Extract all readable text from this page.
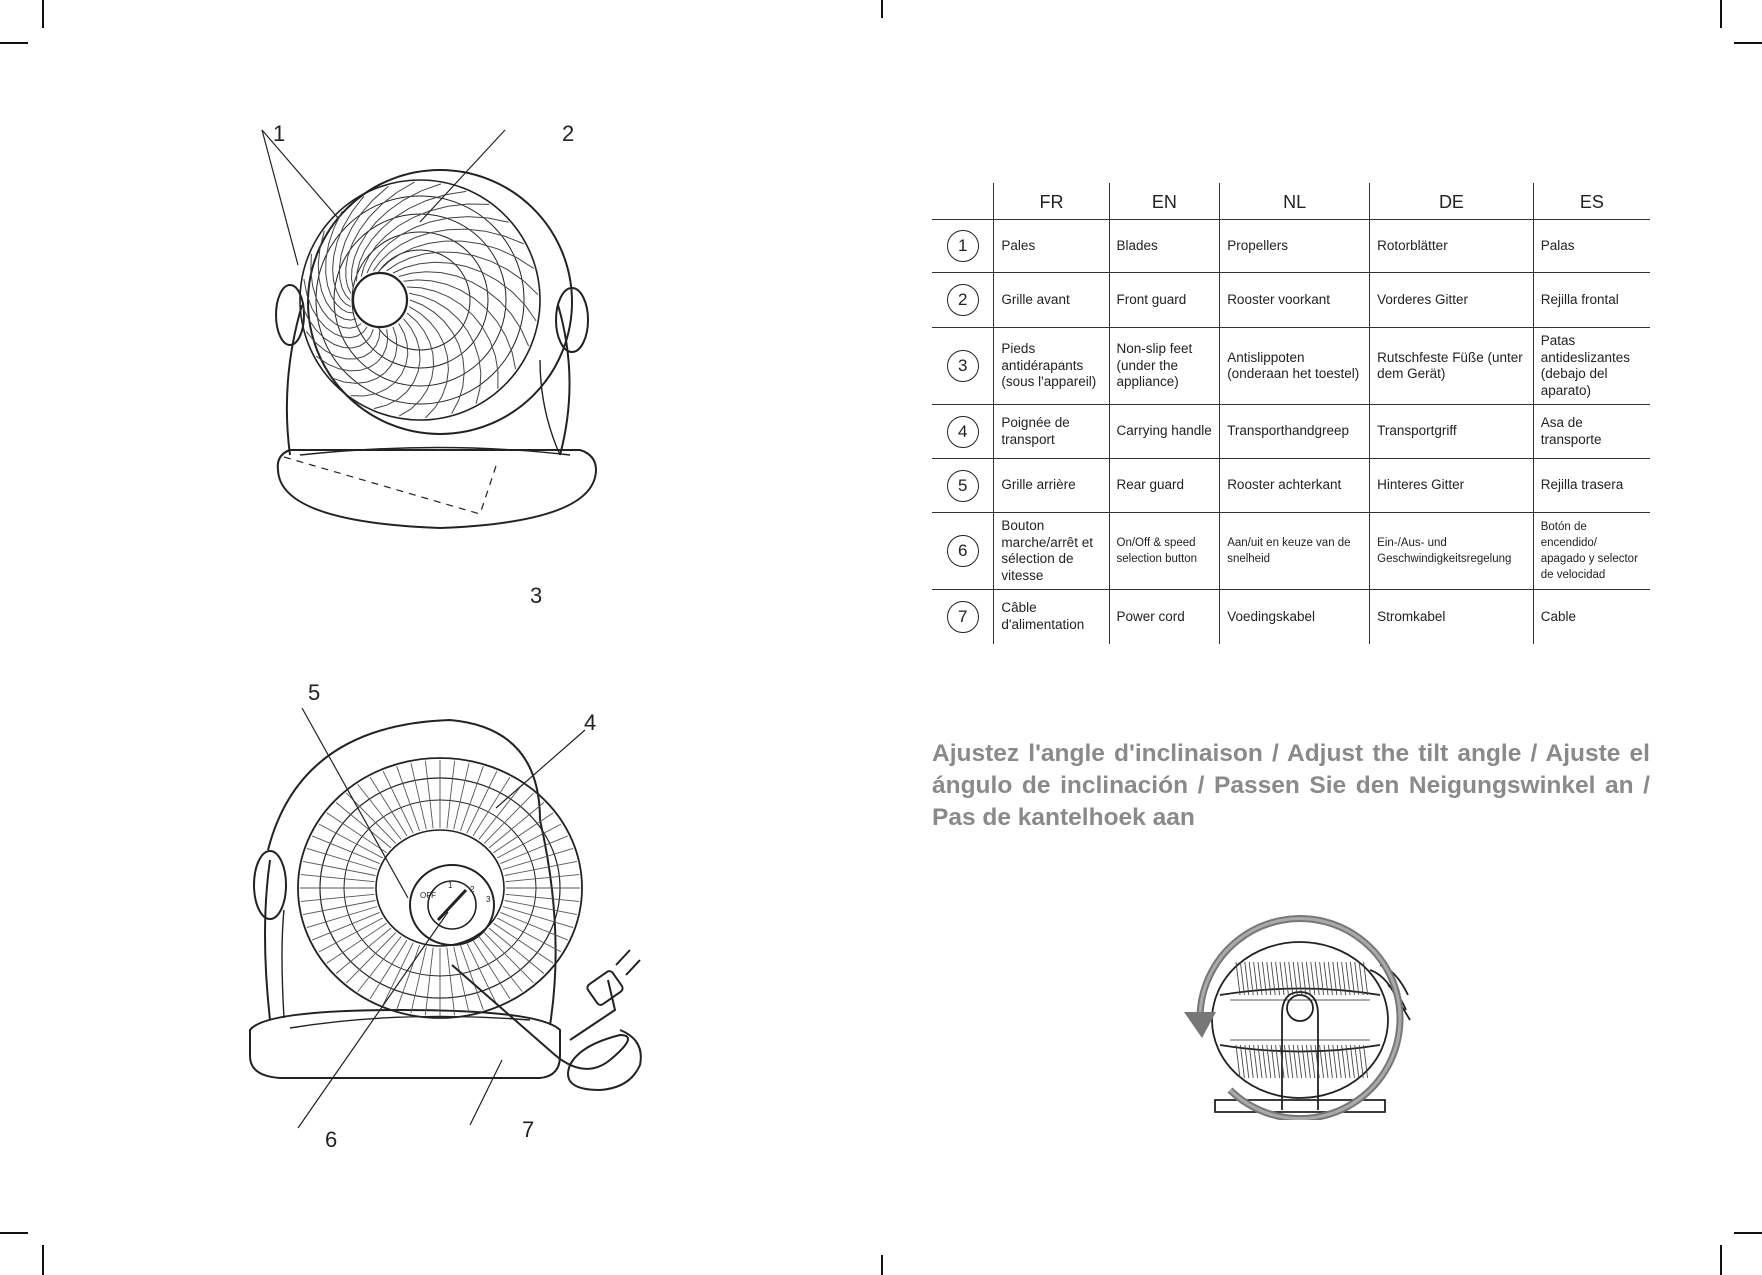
1	2
3
OFF
1 2
3
5
4
6	7
	FR	EN	NL	DE	ES
1	Pales	Blades	Propellers	Rotorblätter	Palas
2	Grille avant	Front guard	Rooster voorkant	Vorderes Gitter	Rejilla frontal
3	Pieds antidérapants (sous l'appareil)	Non-slip feet (under the appliance)	Antislippoten (onderaan het toestel)	Rutschfeste Füße (unter dem Gerät)	Patas antideslizantes (debajo del aparato)
4	Poignée de transport	Carrying handle	Transporthandgreep	Transportgriff	Asa de transporte
5	Grille arrière	Rear guard	Rooster achterkant	Hinteres Gitter	Rejilla trasera
6	Bouton marche/arrêt et sélection de vitesse	On/Off & speed selection button	Aan/uit en keuze van de snelheid	Ein-/Aus- und Geschwindigkeitsregelung	Botón de encendido/ apagado y selector de velocidad
7	Câble d'alimentation	Power cord	Voedingskabel	Stromkabel	Cable

Ajustez l'angle d'inclinaison / Adjust the tilt angle / Ajuste el ángulo de inclinación / Passen Sie den Neigungswinkel an / Pas de kantelhoek aan
